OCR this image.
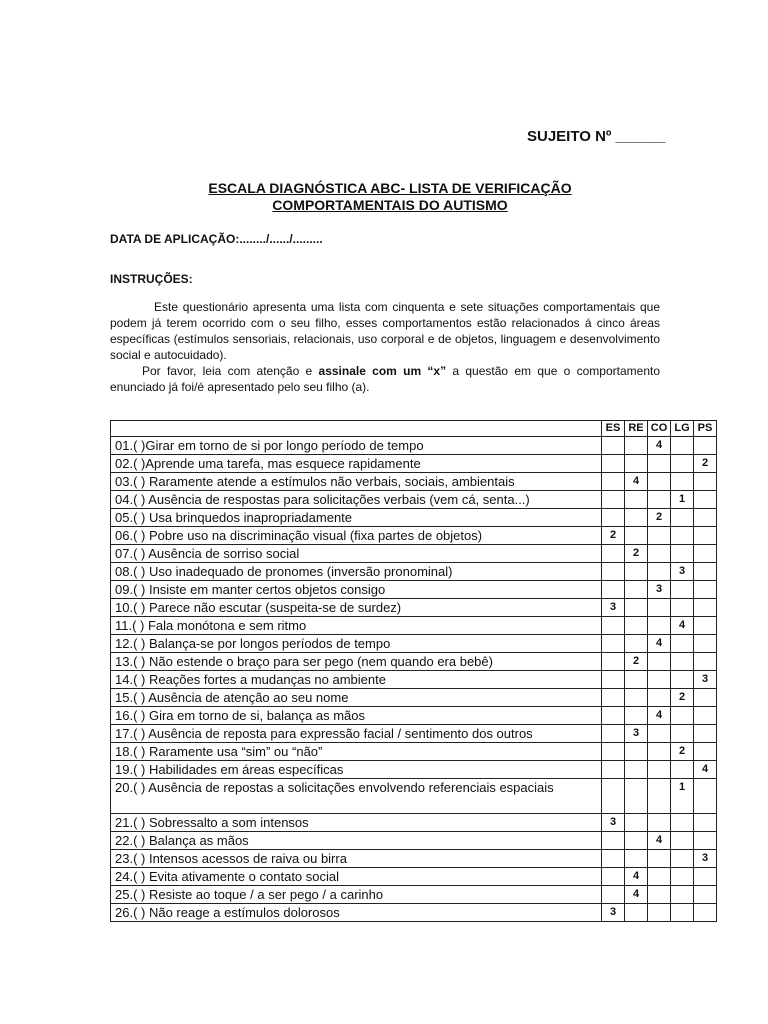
SUJEITO Nº ______
ESCALA DIAGNÓSTICA ABC- LISTA DE VERIFICAÇÃO
COMPORTAMENTAIS DO AUTISMO
DATA DE APLICAÇÃO:......../....../.........
INSTRUÇÕES:
Este questionário apresenta uma lista com cinquenta e sete situações comportamentais que podem já terem ocorrido com o seu filho, esses comportamentos estão relacionados á cinco áreas específicas (estímulos sensoriais, relacionais, uso corporal e de objetos, linguagem e desenvolvimento social e autocuidado).
Por favor, leia com atenção e assinale com um “x” a questão em que o comportamento enunciado já foi/é apresentado pelo seu filho (a).
	ES	RE	CO	LG	PS
01.( )Girar em torno de si por longo período de tempo			4		
02.( )Aprende uma tarefa, mas esquece rapidamente					2
03.( ) Raramente atende a estímulos não verbais, sociais, ambientais		4			
04.( ) Ausência de respostas para solicitações verbais (vem cá, senta...)				1	
05.( ) Usa brinquedos inapropriadamente			2		
06.( ) Pobre uso na discriminação visual (fixa partes de objetos)	2				
07.( ) Ausência de sorriso social		2			
08.( ) Uso inadequado de pronomes (inversão pronominal)				3	
09.( ) Insiste em manter certos objetos consigo			3		
10.( ) Parece não escutar (suspeita-se de surdez)	3				
11.( ) Fala monótona e sem ritmo				4	
12.( ) Balança-se por longos períodos de tempo			4		
13.( ) Não estende o braço para ser pego (nem quando era bebê)		2			
14.( ) Reações fortes a mudanças no ambiente					3
15.( ) Ausência de atenção ao seu nome				2	
16.( ) Gira em torno de si, balança as mãos			4		
17.( ) Ausência de reposta para expressão facial / sentimento dos outros		3			
18.( ) Raramente usa “sim” ou “não”				2	
19.( ) Habilidades em áreas específicas					4
20.( ) Ausência de repostas a solicitações envolvendo referenciais espaciais				1	
21.( ) Sobressalto a som intensos	3				
22.( ) Balança as mãos			4		
23.( ) Intensos acessos de raiva ou birra					3
24.( ) Evita ativamente o contato social		4			
25.( ) Resiste ao toque / a ser pego / a carinho		4			
26.( ) Não reage a estímulos dolorosos	3				
